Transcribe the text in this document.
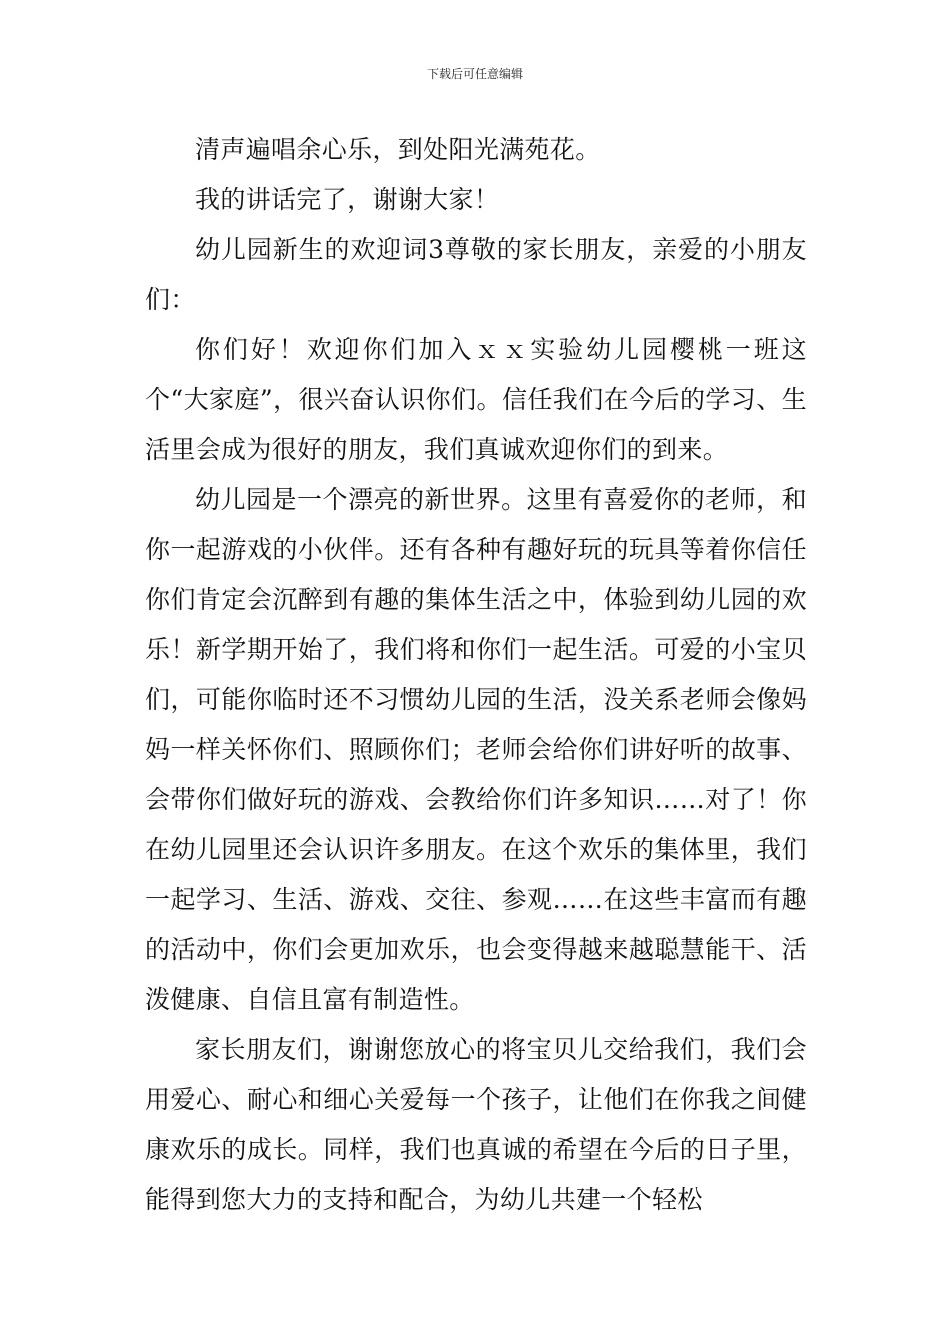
下载后可任意编辑

清声遍唱余心乐，到处阳光满苑花。

我的讲话完了，谢谢大家！

幼儿园新生的欢迎词3尊敬的家长朋友，亲爱的小朋友们：

你们好！欢迎你们加入ｘｘ实验幼儿园樱桃一班这个“大家庭”，很兴奋认识你们。信任我们在今后的学习、生活里会成为很好的朋友，我们真诚欢迎你们的到来。

幼儿园是一个漂亮的新世界。这里有喜爱你的老师，和你一起游戏的小伙伴。还有各种有趣好玩的玩具等着你信任你们肯定会沉醉到有趣的集体生活之中，体验到幼儿园的欢乐！新学期开始了，我们将和你们一起生活。可爱的小宝贝们，可能你临时还不习惯幼儿园的生活，没关系老师会像妈妈一样关怀你们、照顾你们；老师会给你们讲好听的故事、会带你们做好玩的游戏、会教给你们许多知识……对了！你在幼儿园里还会认识许多朋友。在这个欢乐的集体里，我们一起学习、生活、游戏、交往、参观……在这些丰富而有趣的活动中，你们会更加欢乐，也会变得越来越聪慧能干、活泼健康、自信且富有制造性。

家长朋友们，谢谢您放心的将宝贝儿交给我们，我们会用爱心、耐心和细心关爱每一个孩子，让他们在你我之间健康欢乐的成长。同样，我们也真诚的希望在今后的日子里，能得到您大力的支持和配合，为幼儿共建一个轻松
